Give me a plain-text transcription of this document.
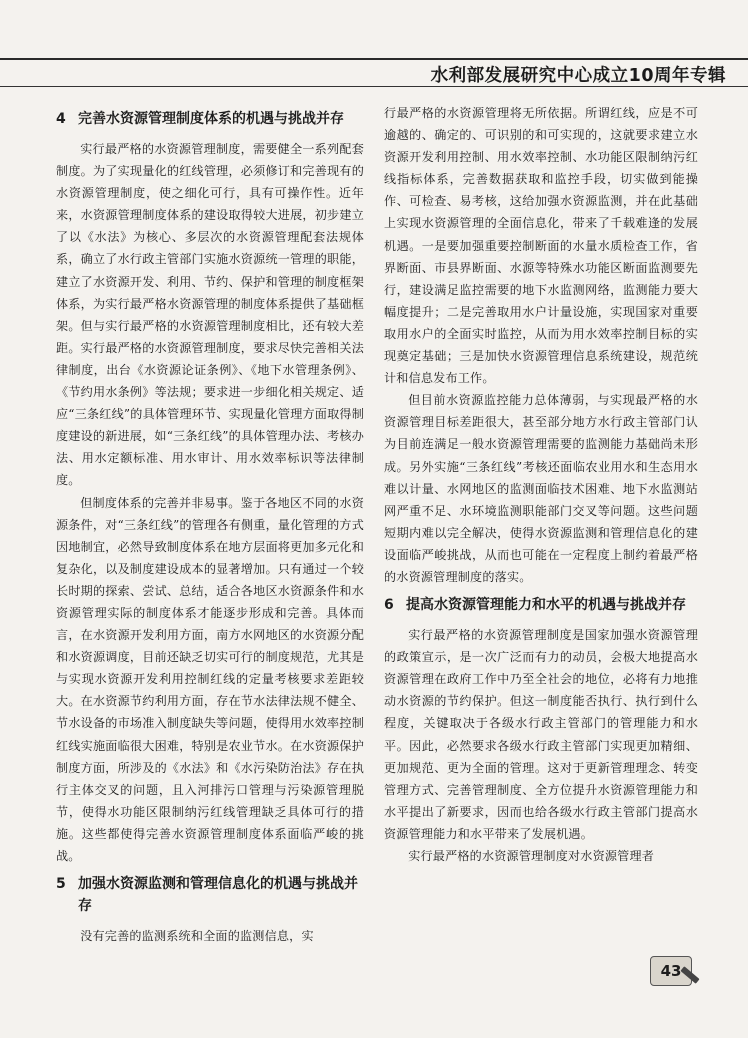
水利部发展研究中心成立10周年专辑
4 完善水资源管理制度体系的机遇与挑战并存

实行最严格的水资源管理制度，需要健全一系列配套制度。为了实现量化的红线管理，必须修订和完善现有的水资源管理制度，使之细化可行，具有可操作性。近年来，水资源管理制度体系的建设取得较大进展，初步建立了以《水法》为核心、多层次的水资源管理配套法规体系，确立了水行政主管部门实施水资源统一管理的职能，建立了水资源开发、利用、节约、保护和管理的制度框架体系，为实行最严格水资源管理的制度体系提供了基础框架。但与实行最严格的水资源管理制度相比，还有较大差距。实行最严格的水资源管理制度，要求尽快完善相关法律制度，出台《水资源论证条例》、《地下水管理条例》、《节约用水条例》等法规；要求进一步细化相关规定、适应“三条红线”的具体管理环节、实现量化管理方面取得制度建设的新进展，如“三条红线”的具体管理办法、考核办法、用水定额标准、用水审计、用水效率标识等法律制度。

但制度体系的完善并非易事。鉴于各地区不同的水资源条件，对“三条红线”的管理各有侧重，量化管理的方式因地制宜，必然导致制度体系在地方层面将更加多元化和复杂化，以及制度建设成本的显著增加。只有通过一个较长时期的探索、尝试、总结，适合各地区水资源条件和水资源管理实际的制度体系才能逐步形成和完善。具体而言，在水资源开发利用方面，南方水网地区的水资源分配和水资源调度，目前还缺乏切实可行的制度规范，尤其是与实现水资源开发利用控制红线的定量考核要求差距较大。在水资源节约利用方面，存在节水法律法规不健全、节水设备的市场准入制度缺失等问题，使得用水效率控制红线实施面临很大困难，特别是农业节水。在水资源保护制度方面，所涉及的《水法》和《水污染防治法》存在执行主体交叉的问题，且入河排污口管理与污染源管理脱节，使得水功能区限制纳污红线管理缺乏具体可行的措施。这些都使得完善水资源管理制度体系面临严峻的挑战。

5 加强水资源监测和管理信息化的机遇与挑战并存

没有完善的监测系统和全面的监测信息，实

行最严格的水资源管理将无所依据。所谓红线，应是不可逾越的、确定的、可识别的和可实现的，这就要求建立水资源开发利用控制、用水效率控制、水功能区限制纳污红线指标体系，完善数据获取和监控手段，切实做到能操作、可检查、易考核，这给加强水资源监测，并在此基础上实现水资源管理的全面信息化，带来了千载难逢的发展机遇。一是要加强重要控制断面的水量水质检查工作，省界断面、市县界断面、水源等特殊水功能区断面监测要先行，建设满足监控需要的地下水监测网络，监测能力要大幅度提升；二是完善取用水户计量设施，实现国家对重要取用水户的全面实时监控，从而为用水效率控制目标的实现奠定基础；三是加快水资源管理信息系统建设，规范统计和信息发布工作。

但目前水资源监控能力总体薄弱，与实现最严格的水资源管理目标差距很大，甚至部分地方水行政主管部门认为目前连满足一般水资源管理需要的监测能力基础尚未形成。另外实施“三条红线”考核还面临农业用水和生态用水难以计量、水网地区的监测面临技术困难、地下水监测站网严重不足、水环境监测职能部门交叉等问题。这些问题短期内难以完全解决，使得水资源监测和管理信息化的建设面临严峻挑战，从而也可能在一定程度上制约着最严格的水资源管理制度的落实。

6 提高水资源管理能力和水平的机遇与挑战并存

实行最严格的水资源管理制度是国家加强水资源管理的政策宣示，是一次广泛而有力的动员，会极大地提高水资源管理在政府工作中乃至全社会的地位，必将有力地推动水资源的节约保护。但这一制度能否执行、执行到什么程度，关键取决于各级水行政主管部门的管理能力和水平。因此，必然要求各级水行政主管部门实现更加精细、更加规范、更为全面的管理。这对于更新管理理念、转变管理方式、完善管理制度、全方位提升水资源管理能力和水平提出了新要求，因而也给各级水行政主管部门提高水资源管理能力和水平带来了发展机遇。

实行最严格的水资源管理制度对水资源管理者

43
